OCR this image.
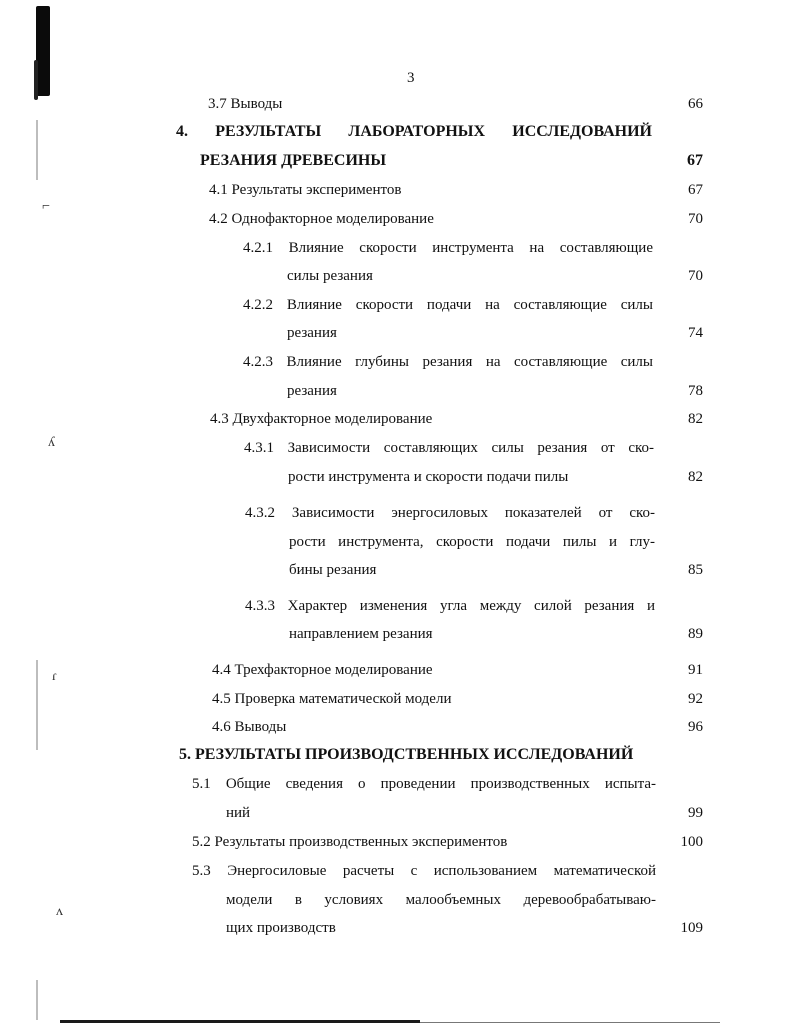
⌐
ʎ
ɾ
ʌ
3
3.7 Выводы	66
4. РЕЗУЛЬТАТЫ ЛАБОРАТОРНЫХ ИССЛЕДОВАНИЙ
РЕЗАНИЯ ДРЕВЕСИНЫ	67
4.1 Результаты экспериментов	67
4.2 Однофакторное моделирование	70
4.2.1 Влияние скорости инструмента на составляющие
силы резания	70
4.2.2 Влияние скорости подачи на составляющие силы
резания	74
4.2.3 Влияние глубины резания на составляющие силы
резания	78
4.3 Двухфакторное моделирование	82
4.3.1 Зависимости составляющих силы резания от ско-
рости инструмента и скорости подачи пилы	82
4.3.2 Зависимости энергосиловых показателей от ско-
рости инструмента, скорости подачи пилы и глу-
бины резания	85
4.3.3 Характер изменения угла между силой резания и
направлением резания	89
4.4 Трехфакторное моделирование	91
4.5 Проверка математической модели	92
4.6 Выводы	96
5. РЕЗУЛЬТАТЫ ПРОИЗВОДСТВЕННЫХ ИССЛЕДОВАНИЙ
5.1 Общие сведения о проведении производственных испыта-
ний	99
5.2 Результаты производственных экспериментов	100
5.3 Энергосиловые расчеты с использованием математической
модели в условиях малообъемных деревообрабатываю-
щих производств	109
